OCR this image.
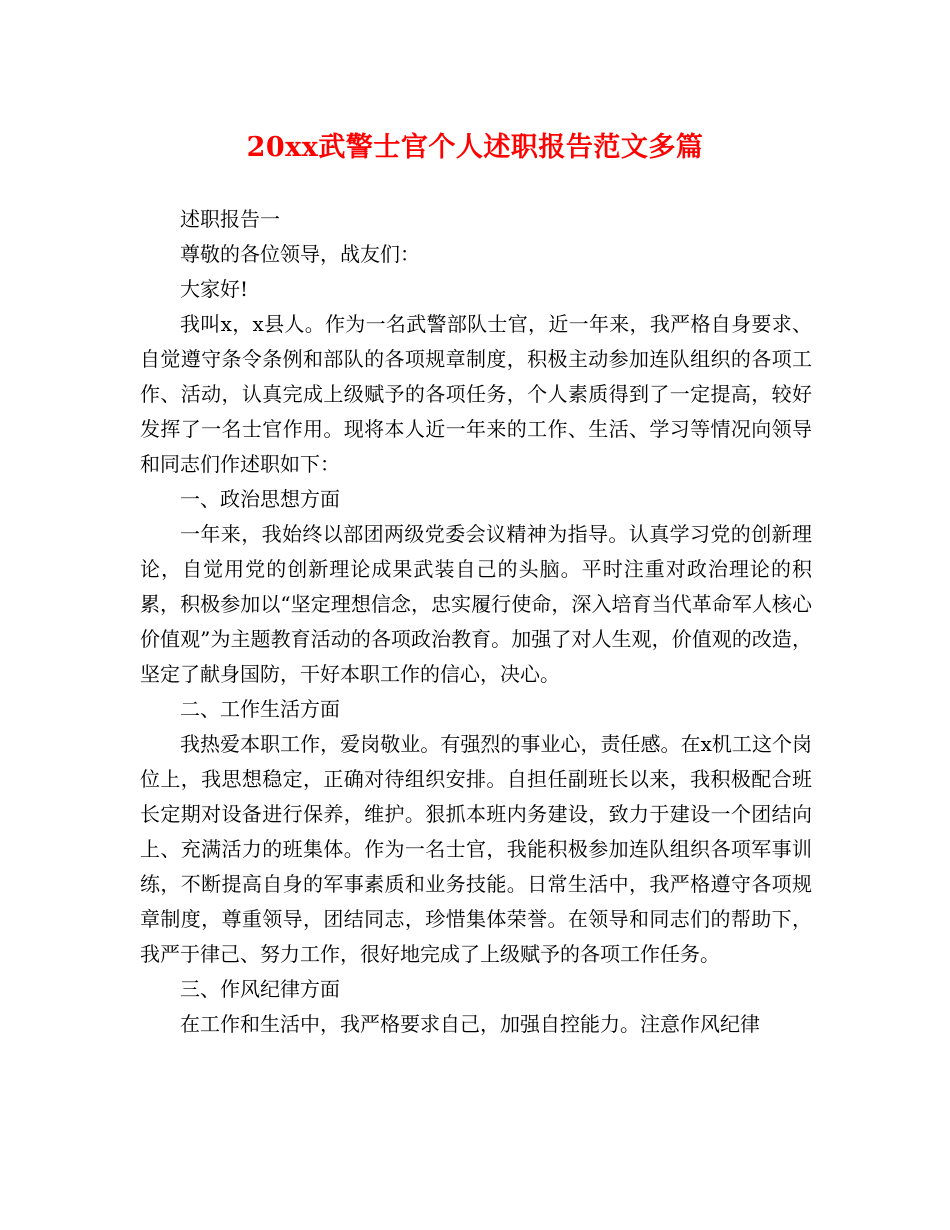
20xx武警士官个人述职报告范文多篇

述职报告一

尊敬的各位领导，战友们：

大家好!

我叫x，x县人。作为一名武警部队士官，近一年来，我严格自身要求、自觉遵守条令条例和部队的各项规章制度，积极主动参加连队组织的各项工作、活动，认真完成上级赋予的各项任务，个人素质得到了一定提高，较好发挥了一名士官作用。现将本人近一年来的工作、生活、学习等情况向领导和同志们作述职如下：

一、政治思想方面

一年来，我始终以部团两级党委会议精神为指导。认真学习党的创新理论，自觉用党的创新理论成果武装自己的头脑。平时注重对政治理论的积累，积极参加以“坚定理想信念，忠实履行使命，深入培育当代革命军人核心价值观”为主题教育活动的各项政治教育。加强了对人生观，价值观的改造，坚定了献身国防，干好本职工作的信心，决心。

二、工作生活方面

我热爱本职工作，爱岗敬业。有强烈的事业心，责任感。在x机工这个岗位上，我思想稳定，正确对待组织安排。自担任副班长以来，我积极配合班长定期对设备进行保养，维护。狠抓本班内务建设，致力于建设一个团结向上、充满活力的班集体。作为一名士官，我能积极参加连队组织各项军事训练，不断提高自身的军事素质和业务技能。日常生活中，我严格遵守各项规章制度，尊重领导，团结同志，珍惜集体荣誉。在领导和同志们的帮助下，我严于律己、努力工作，很好地完成了上级赋予的各项工作任务。

三、作风纪律方面

在工作和生活中，我严格要求自己，加强自控能力。注意作风纪律
